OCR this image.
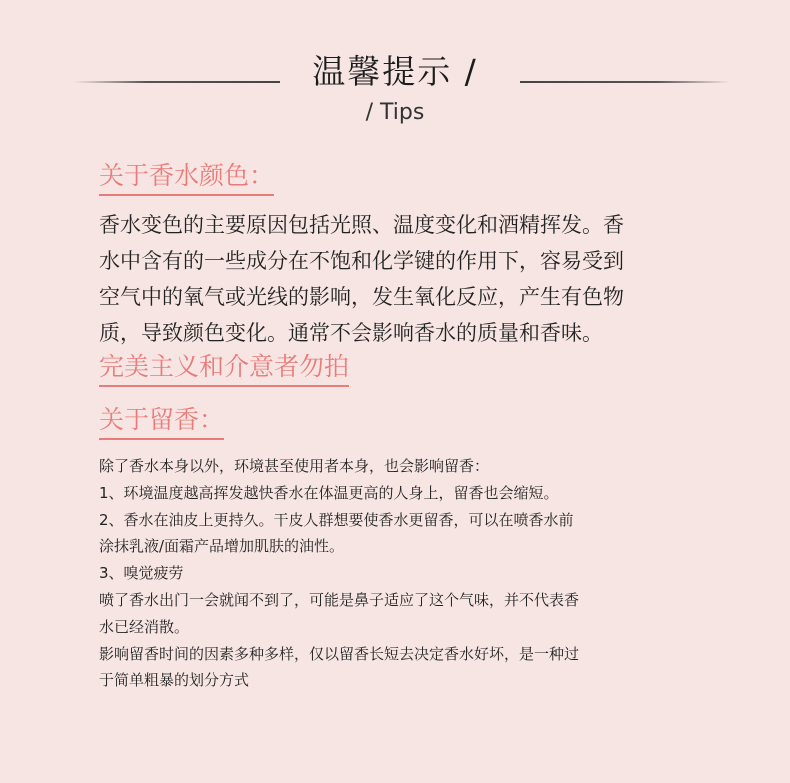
温馨提示 /
/ Tips
关于香水颜色：
香水变色的主要原因包括光照、温度变化和酒精挥发。香
水中含有的一些成分在不饱和化学键的作用下，容易受到
空气中的氧气或光线的影响，发生氧化反应，产生有色物
质，导致颜色变化。通常不会影响香水的质量和香味。
完美主义和介意者勿拍
关于留香：
除了香水本身以外，环境甚至使用者本身，也会影响留香：
1、环境温度越高挥发越快香水在体温更高的人身上，留香也会缩短。
2、香水在油皮上更持久。干皮人群想要使香水更留香，可以在喷香水前
涂抹乳液/面霜产品增加肌肤的油性。
3、嗅觉疲劳
喷了香水出门一会就闻不到了，可能是鼻子适应了这个气味，并不代表香
水已经消散。
影响留香时间的因素多种多样，仅以留香长短去决定香水好坏，是一种过
于简单粗暴的划分方式
